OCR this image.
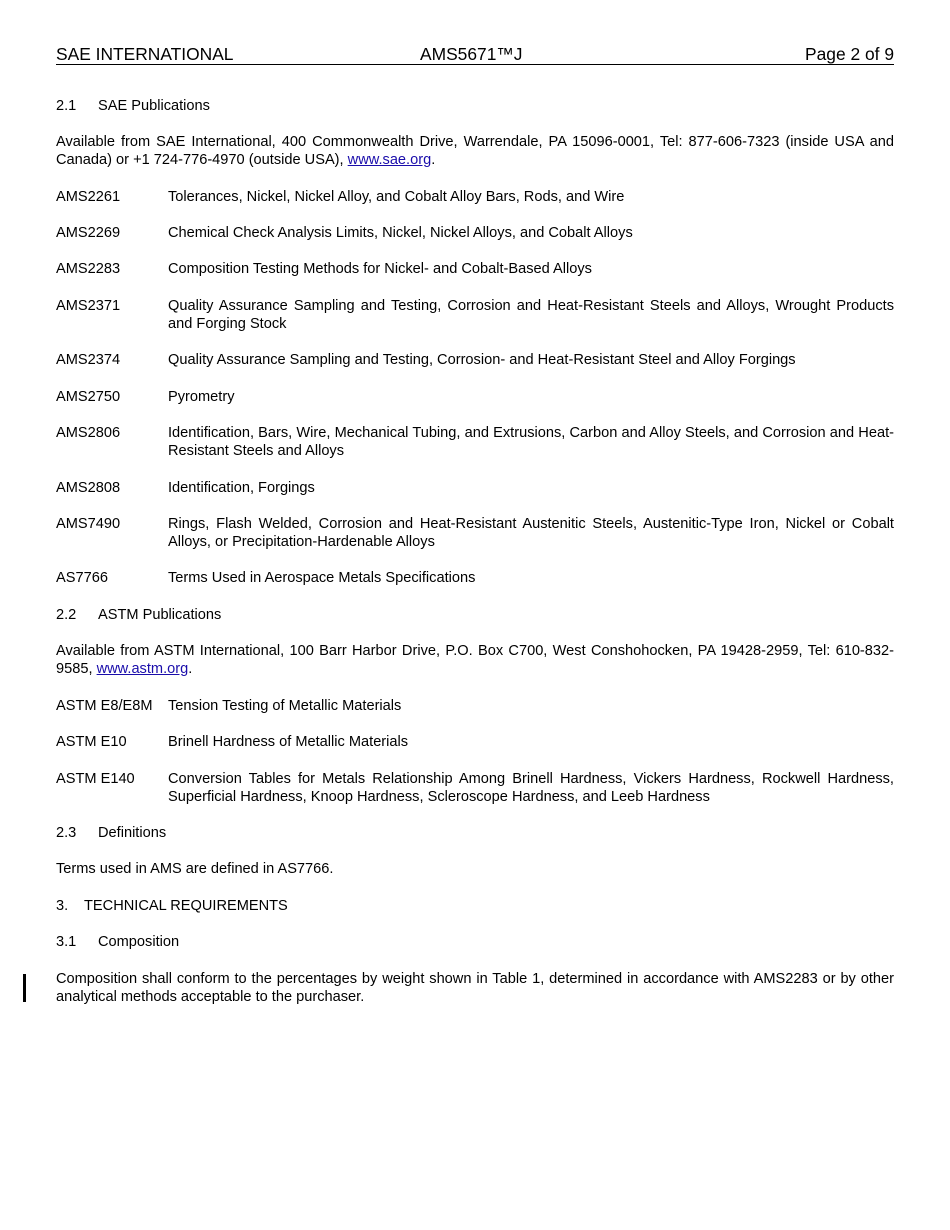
SAE INTERNATIONAL	AMS5671™J	Page 2 of 9
2.1 SAE Publications
Available from SAE International, 400 Commonwealth Drive, Warrendale, PA 15096-0001, Tel: 877-606-7323 (inside USA and Canada) or +1 724-776-4970 (outside USA), www.sae.org.
AMS2261	Tolerances, Nickel, Nickel Alloy, and Cobalt Alloy Bars, Rods, and Wire
AMS2269	Chemical Check Analysis Limits, Nickel, Nickel Alloys, and Cobalt Alloys
AMS2283	Composition Testing Methods for Nickel- and Cobalt-Based Alloys
AMS2371	Quality Assurance Sampling and Testing, Corrosion and Heat-Resistant Steels and Alloys, Wrought Products and Forging Stock
AMS2374	Quality Assurance Sampling and Testing, Corrosion- and Heat-Resistant Steel and Alloy Forgings
AMS2750	Pyrometry
AMS2806	Identification, Bars, Wire, Mechanical Tubing, and Extrusions, Carbon and Alloy Steels, and Corrosion and Heat-Resistant Steels and Alloys
AMS2808	Identification, Forgings
AMS7490	Rings, Flash Welded, Corrosion and Heat-Resistant Austenitic Steels, Austenitic-Type Iron, Nickel or Cobalt Alloys, or Precipitation-Hardenable Alloys
AS7766	Terms Used in Aerospace Metals Specifications
2.2 ASTM Publications
Available from ASTM International, 100 Barr Harbor Drive, P.O. Box C700, West Conshohocken, PA 19428-2959, Tel: 610-832-9585, www.astm.org.
ASTM E8/E8M	Tension Testing of Metallic Materials
ASTM E10	Brinell Hardness of Metallic Materials
ASTM E140	Conversion Tables for Metals Relationship Among Brinell Hardness, Vickers Hardness, Rockwell Hardness, Superficial Hardness, Knoop Hardness, Scleroscope Hardness, and Leeb Hardness
2.3 Definitions
Terms used in AMS are defined in AS7766.
3. TECHNICAL REQUIREMENTS
3.1 Composition
Composition shall conform to the percentages by weight shown in Table 1, determined in accordance with AMS2283 or by other analytical methods acceptable to the purchaser.
